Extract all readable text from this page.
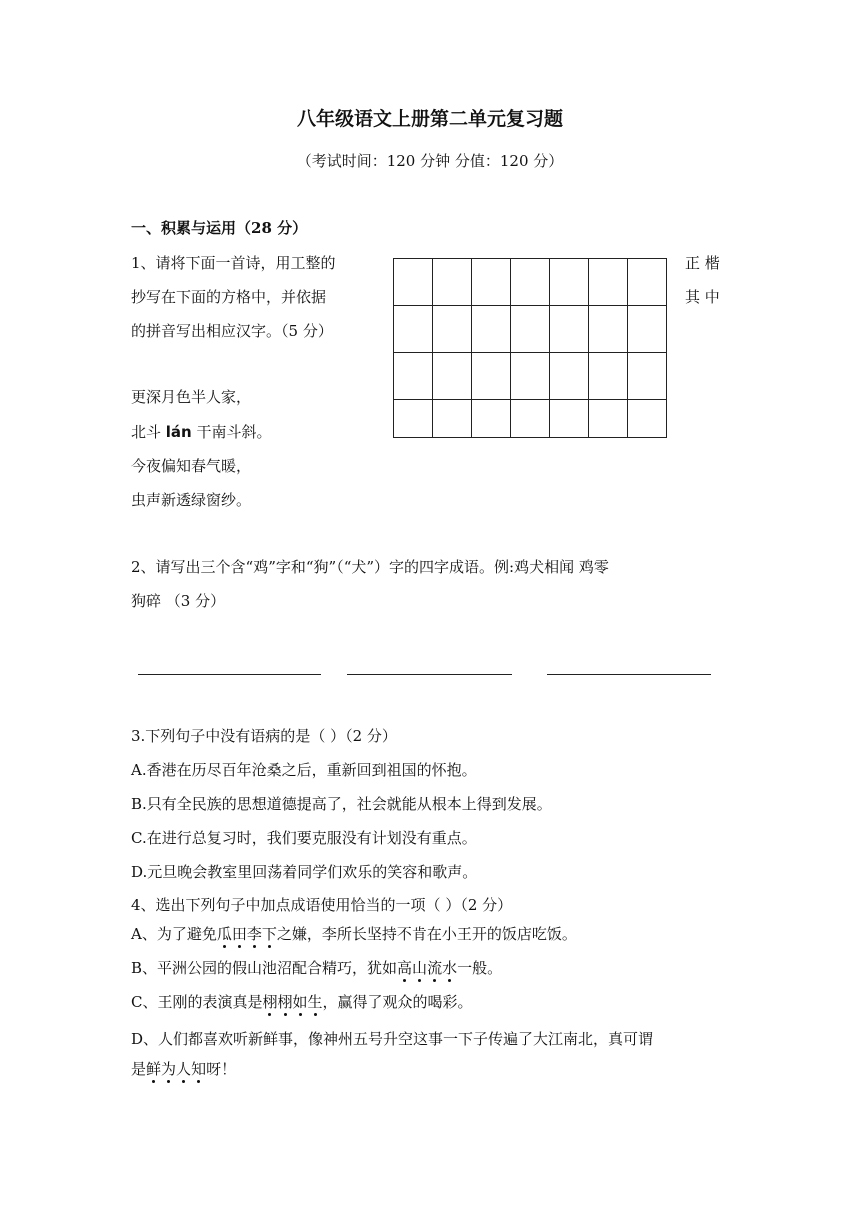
八年级语文上册第二单元复习题
（考试时间：120 分钟 分值：120 分）
一、积累与运用（28 分）
1、请将下面一首诗，用工整的
抄写在下面的方格中，并依据
的拼音写出相应汉字。（5 分）
正 楷
其 中
更深月色半人家，
北斗 lán 干南斗斜。
今夜偏知春气暖，
虫声新透绿窗纱。
2、请写出三个含“鸡”字和“狗”（“犬”）字的四字成语。例:鸡犬相闻 鸡零
狗碎 （3 分）
3.下列句子中没有语病的是（ ）（2 分）
A.香港在历尽百年沧桑之后，重新回到祖国的怀抱。
B.只有全民族的思想道德提高了，社会就能从根本上得到发展。
C.在进行总复习时，我们要克服没有计划没有重点。
D.元旦晚会教室里回荡着同学们欢乐的笑容和歌声。
4、选出下列句子中加点成语使用恰当的一项（ ）（2 分）
A、为了避免瓜
田
李
下
之嫌，李所长坚持不肯在小王开的饭店吃饭。
B、平洲公园的假山池沼配合精巧，犹如高
山
流
水
一般。
C、王刚的表演真是栩
栩
如
生
，赢得了观众的喝彩。
D、人们都喜欢听新鲜事，像神州五号升空这事一下子传遍了大江南北，真可谓
是鲜
为
人
知
呀！
